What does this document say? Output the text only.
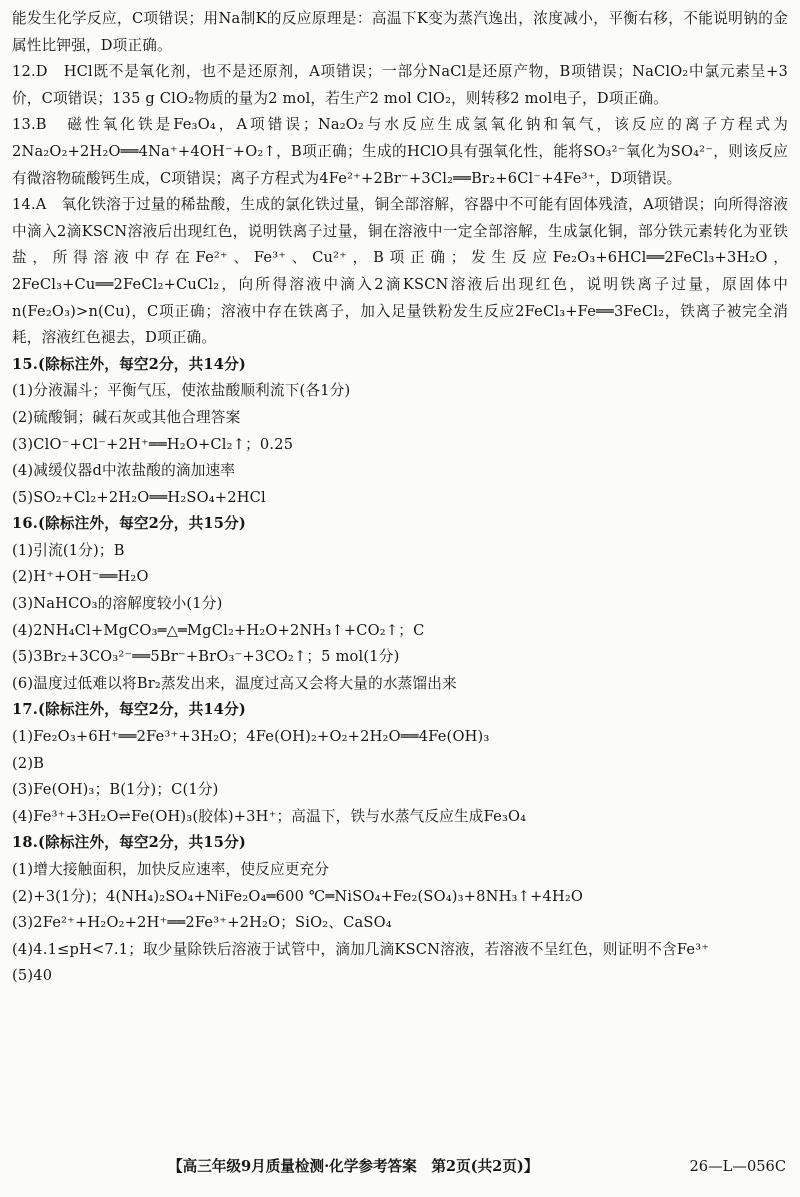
能发生化学反应，C项错误；用Na制K的反应原理是：高温下K变为蒸汽逸出，浓度减小，平衡右移，不能说明钠的金属性比钾强，D项正确。

12.D　HCl既不是氧化剂，也不是还原剂，A项错误；一部分NaCl是还原产物，B项错误；NaClO₂中氯元素呈+3价，C项错误；135 g ClO₂物质的量为2 mol，若生产2 mol ClO₂，则转移2 mol电子，D项正确。

13.B　磁性氧化铁是Fe₃O₄，A项错误；Na₂O₂与水反应生成氢氧化钠和氧气，该反应的离子方程式为2Na₂O₂+2H₂O══4Na⁺+4OH⁻+O₂↑，B项正确；生成的HClO具有强氧化性，能将SO₃²⁻氧化为SO₄²⁻，则该反应有微溶物硫酸钙生成，C项错误；离子方程式为4Fe²⁺+2Br⁻+3Cl₂══Br₂+6Cl⁻+4Fe³⁺，D项错误。

14.A　氧化铁溶于过量的稀盐酸，生成的氯化铁过量，铜全部溶解，容器中不可能有固体残渣，A项错误；向所得溶液中滴入2滴KSCN溶液后出现红色，说明铁离子过量，铜在溶液中一定全部溶解，生成氯化铜，部分铁元素转化为亚铁盐，所得溶液中存在Fe²⁺、Fe³⁺、Cu²⁺，B项正确；发生反应Fe₂O₃+6HCl══2FeCl₃+3H₂O，2FeCl₃+Cu══2FeCl₂+CuCl₂，向所得溶液中滴入2滴KSCN溶液后出现红色，说明铁离子过量，原固体中n(Fe₂O₃)>n(Cu)，C项正确；溶液中存在铁离子，加入足量铁粉发生反应2FeCl₃+Fe══3FeCl₂，铁离子被完全消耗，溶液红色褪去，D项正确。

15.(除标注外，每空2分，共14分)

(1)分液漏斗；平衡气压，使浓盐酸顺利流下(各1分)

(2)硫酸铜；碱石灰或其他合理答案

(3)ClO⁻+Cl⁻+2H⁺══H₂O+Cl₂↑；0.25

(4)减缓仪器d中浓盐酸的滴加速率

(5)SO₂+Cl₂+2H₂O══H₂SO₄+2HCl

16.(除标注外，每空2分，共15分)

(1)引流(1分)；B

(2)H⁺+OH⁻══H₂O

(3)NaHCO₃的溶解度较小(1分)

(4)2NH₄Cl+MgCO₃═△═MgCl₂+H₂O+2NH₃↑+CO₂↑；C

(5)3Br₂+3CO₃²⁻══5Br⁻+BrO₃⁻+3CO₂↑；5 mol(1分)

(6)温度过低难以将Br₂蒸发出来，温度过高又会将大量的水蒸馏出来

17.(除标注外，每空2分，共14分)

(1)Fe₂O₃+6H⁺══2Fe³⁺+3H₂O；4Fe(OH)₂+O₂+2H₂O══4Fe(OH)₃

(2)B

(3)Fe(OH)₃；B(1分)；C(1分)

(4)Fe³⁺+3H₂O⇌Fe(OH)₃(胶体)+3H⁺；高温下，铁与水蒸气反应生成Fe₃O₄

18.(除标注外，每空2分，共15分)

(1)增大接触面积，加快反应速率，使反应更充分

(2)+3(1分)；4(NH₄)₂SO₄+NiFe₂O₄═600 ℃═NiSO₄+Fe₂(SO₄)₃+8NH₃↑+4H₂O

(3)2Fe²⁺+H₂O₂+2H⁺══2Fe³⁺+2H₂O；SiO₂、CaSO₄

(4)4.1≤pH<7.1；取少量除铁后溶液于试管中，滴加几滴KSCN溶液，若溶液不呈红色，则证明不含Fe³⁺

(5)40

【高三年级9月质量检测·化学参考答案　第2页(共2页)】	26—L—056C
